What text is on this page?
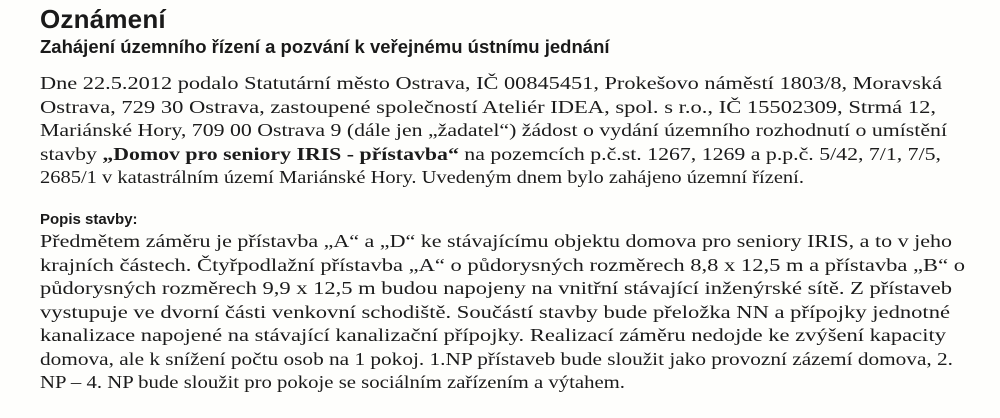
Oznámení
Zahájení územního řízení a pozvání k veřejnému ústnímu jednání
Dne 22.5.2012 podalo Statutární město Ostrava, IČ 00845451, Prokešovo náměstí 1803/8, Moravská
Ostrava, 729 30 Ostrava, zastoupené společností Ateliér IDEA, spol. s r.o., IČ 15502309, Strmá 12,
Mariánské Hory, 709 00 Ostrava 9 (dále jen „žadatel“) žádost o vydání územního rozhodnutí o umístění
stavby „Domov pro seniory IRIS - přístavba“ na pozemcích p.č.st. 1267, 1269 a p.p.č. 5/42, 7/1, 7/5,
2685/1 v katastrálním území Mariánské Hory. Uvedeným dnem bylo zahájeno územní řízení.
Popis stavby:
Předmětem záměru je přístavba „A“ a „D“ ke stávajícímu objektu domova pro seniory IRIS, a to v jeho
krajních částech. Čtyřpodlažní přístavba „A“ o půdorysných rozměrech 8,8 x 12,5 m a přístavba „B“ o
půdorysných rozměrech 9,9 x 12,5 m budou napojeny na vnitřní stávající inženýrské sítě. Z přístaveb
vystupuje ve dvorní části venkovní schodiště. Součástí stavby bude přeložka NN a přípojky jednotné
kanalizace napojené na stávající kanalizační přípojky. Realizací záměru nedojde ke zvýšení kapacity
domova, ale k snížení počtu osob na 1 pokoj. 1.NP přístaveb bude sloužit jako provozní zázemí domova, 2.
NP – 4. NP bude sloužit pro pokoje se sociálním zařízením a výtahem.
